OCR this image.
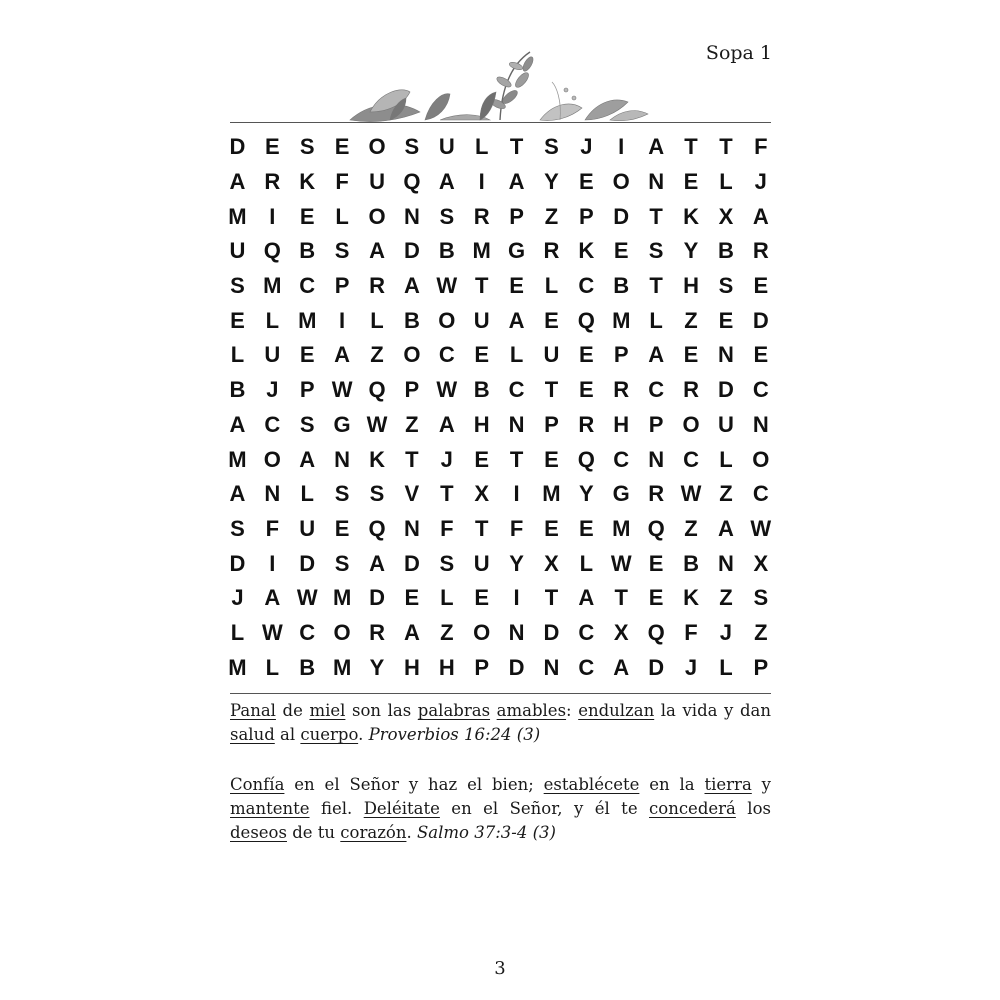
Sopa 1
D E S E O S U L T S J	I	A T T F
A R K F U Q A	I	A Y E O N E L	J
M	I	E L O N S R P Z P D T K X A
U Q B S A D B M G R K E S Y B R
S M C P R A W T E L C B T H S E
E L M	I	L B O U A E Q M L Z E D
L U E A Z O C E L U E P A E N E
B J P W Q P W B C T E R C R D C
A C S G W Z A H N P R H P O U N
M O A N K T	J E T E Q C N C L O
A N L S S V T X	I	M Y G R W Z C
S F U E Q N F T F E E M Q Z A W
D	I	D S A D S U Y X L W E B N X
J A W M D E L E	I	T A T E K Z S
L W C O R A Z O N D C X Q F	J	Z
M L B M Y H H P D N C A D J	L P

Panal de miel son las palabras amables: endulzan la vida y dan salud al cuerpo. Proverbios 16:24 (3)

Confía en el Señor y haz el bien; establécete en la tierra y mantente fiel. Deléitate en el Señor, y él te concederá los deseos de tu corazón. Salmo 37:3-4 (3)

3
